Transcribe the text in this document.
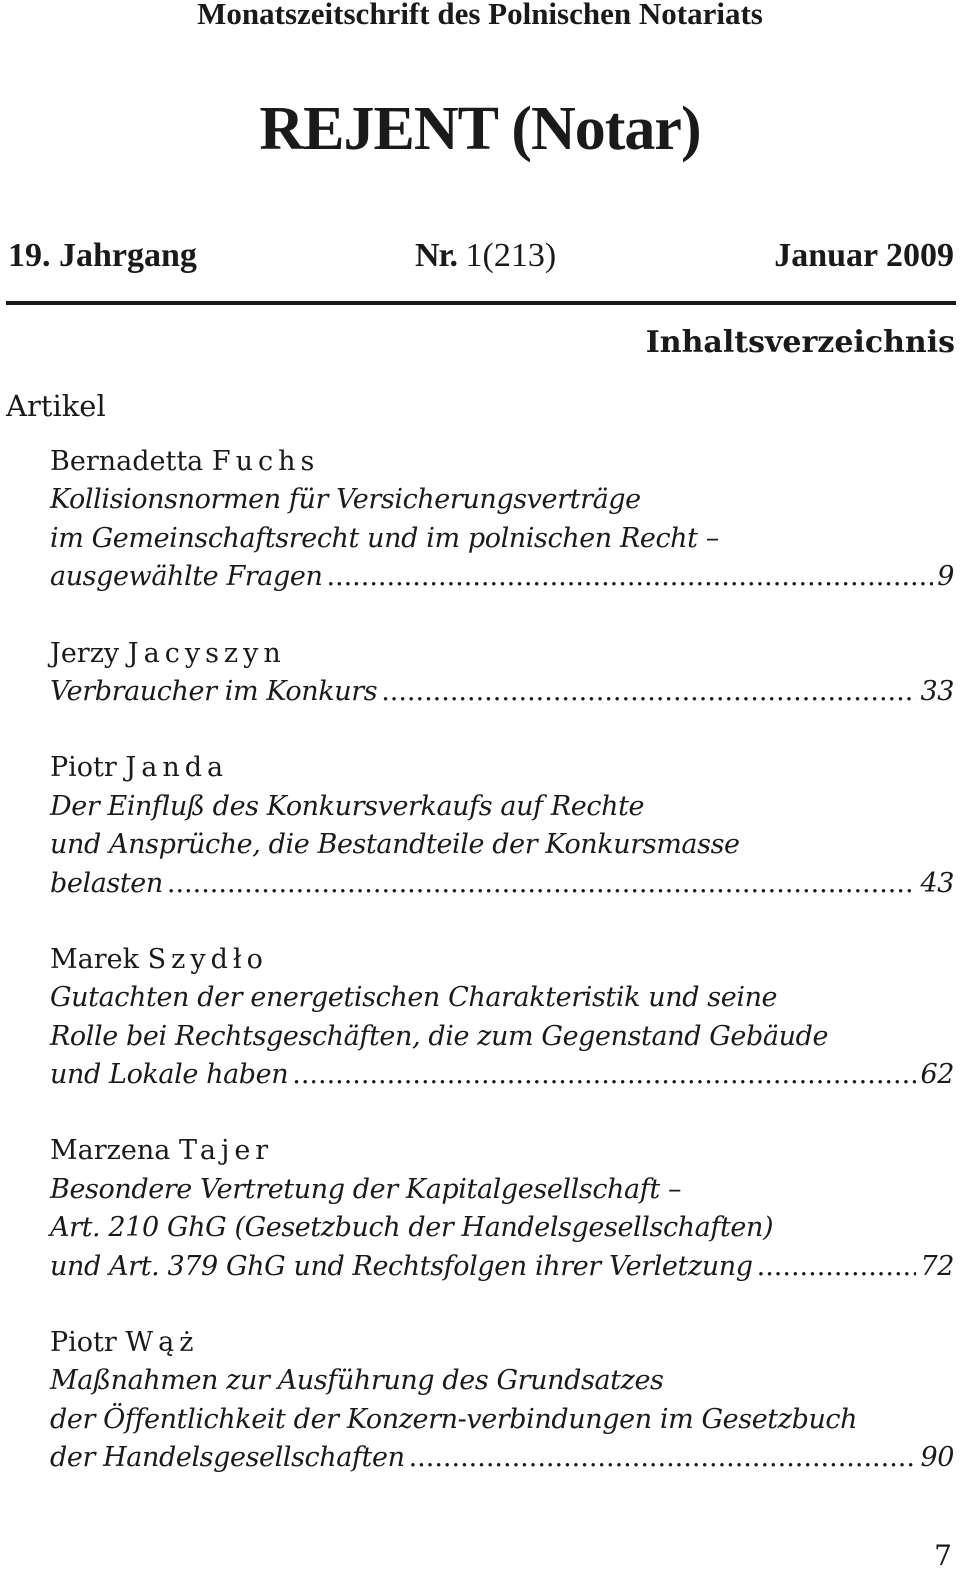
Monatszeitschrift des Polnischen Notariats
REJENT (Notar)
19. Jahrgang	Nr. 1(213)	Januar 2009
Inhaltsverzeichnis
Artikel
Bernadetta Fuchs
Kollisionsnormen für Versicherungsverträge
im Gemeinschaftsrecht und im polnischen Recht –
ausgewählte Fragen .....	9
Jerzy Jacyszyn
Verbraucher im Konkurs .....	33
Piotr Janda
Der Einfluß des Konkursverkaufs auf Rechte
und Ansprüche, die Bestandteile der Konkursmasse
belasten .....	43
Marek Szydło
Gutachten der energetischen Charakteristik und seine
Rolle bei Rechtsgeschäften, die zum Gegenstand Gebäude
und Lokale haben .....	62
Marzena Tajer
Besondere Vertretung der Kapitalgesellschaft –
Art. 210 GhG (Gesetzbuch der Handelsgesellschaften)
und Art. 379 GhG und Rechtsfolgen ihrer Verletzung .....	72
Piotr Wąż
Maßnahmen zur Ausführung des Grundsatzes
der Öffentlichkeit der Konzern-verbindungen im Gesetzbuch
der Handelsgesellschaften .....	90
7
